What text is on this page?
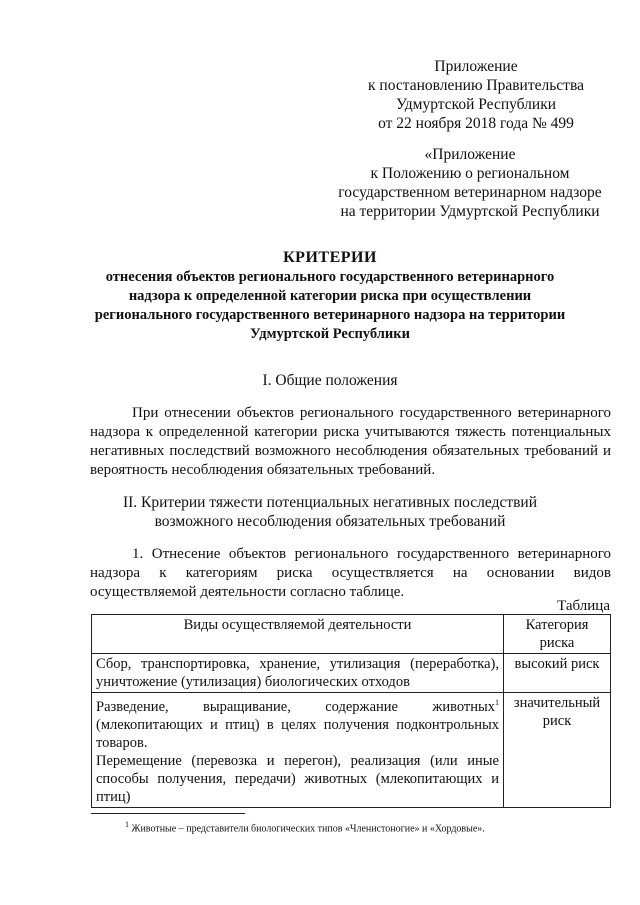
Приложение
к постановлению Правительства
Удмуртской Республики
от 22 ноября 2018 года № 499
«Приложение
к Положению о региональном
государственном ветеринарном надзоре
на территории Удмуртской Республики
КРИТЕРИИ
отнесения объектов регионального государственного ветеринарного надзора к определенной категории риска при осуществлении регионального государственного ветеринарного надзора на территории Удмуртской Республики
I. Общие положения
При отнесении объектов регионального государственного ветеринарного надзора к определенной категории риска учитываются тяжесть потенциальных негативных последствий возможного несоблюдения обязательных требований и вероятность несоблюдения обязательных требований.
II. Критерии тяжести потенциальных негативных последствий возможного несоблюдения обязательных требований
1. Отнесение объектов регионального государственного ветеринарного надзора к категориям риска осуществляется на основании видов осуществляемой деятельности согласно таблице.
Таблица
Виды осуществляемой деятельности	Категория риска
Сбор, транспортировка, хранение, утилизация (переработка), уничтожение (утилизация) биологических отходов	высокий риск
Разведение, выращивание, содержание животных$^1$ (млекопитающих и птиц) в целях получения подконтрольных товаров.
Перемещение (перевозка и перегон), реализация (или иные способы получения, передачи) животных (млекопитающих и птиц)	значительный риск
$^1$ Животные – представители биологических типов «Членистоногие» и «Хордовые».
